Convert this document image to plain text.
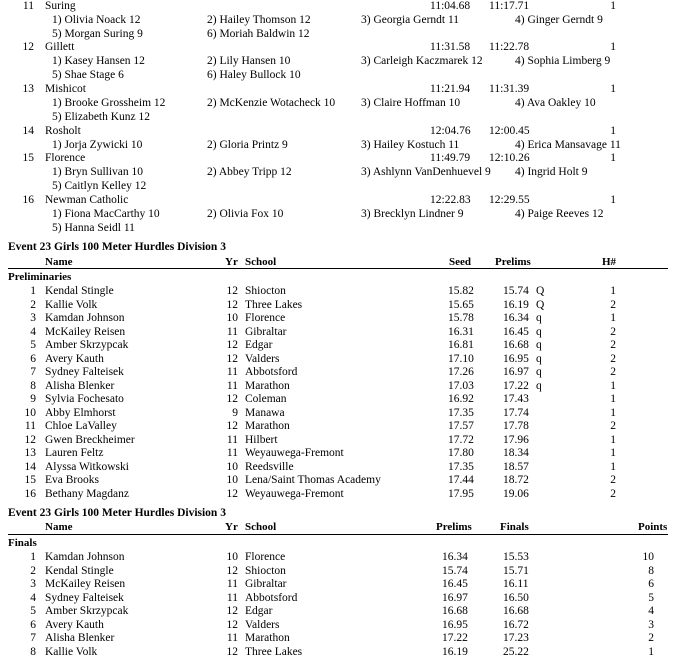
11 Suring	11:04.68 11:17.71	1
1) Olivia Noack 12	2) Hailey Thomson 12	3) Georgia Gerndt 11	4) Ginger Gerndt 9
5) Morgan Suring 9	6) Moriah Baldwin 12
12 Gillett	11:31.58 11:22.78	1
1) Kasey Hansen 12	2) Lily Hansen 10	3) Carleigh Kaczmarek 12	4) Sophia Limberg 9
5) Shae Stage 6	6) Haley Bullock 10
13 Mishicot	11:21.94 11:31.39	1
1) Brooke Grossheim 12	2) McKenzie Wotacheck 10 3) Claire Hoffman 10	4) Ava Oakley 10
5) Elizabeth Kunz 12
14 Rosholt	12:04.76 12:00.45	1
1) Jorja Zywicki 10	2) Gloria Printz 9	3) Hailey Kostuch 11	4) Erica Mansavage 11
15 Florence	11:49.79 12:10.26	1
1) Bryn Sullivan 10	2) Abbey Tripp 12	3) Ashlynn VanDenhuevel 9 4) Ingrid Holt 9
5) Caitlyn Kelley 12
16 Newman Catholic	12:22.83 12:29.55	1
1) Fiona MacCarthy 10	2) Olivia Fox 10	3) Brecklyn Lindner 9	4) Paige Reeves 12
5) Hanna Seidl 11
Event 23 Girls 100 Meter Hurdles Division 3
Name	Yr School	Seed Prelims	H#
Preliminaries
1 Kendal Stingle	12 Shiocton	15.82	15.74 Q	1
2 Kallie Volk	12 Three Lakes	15.65	16.19 Q	2
3 Kamdan Johnson	10 Florence	15.78	16.34 q	1
4 McKailey Reisen	11 Gibraltar	16.31	16.45 q	2
5 Amber Skrzypcak	12 Edgar	16.81	16.68 q	2
6 Avery Kauth	12 Valders	17.10	16.95 q	2
7 Sydney Falteisek	11 Abbotsford	17.26	16.97 q	2
8 Alisha Blenker	11 Marathon	17.03	17.22 q	1
9 Sylvia Fochesato	12 Coleman	16.92	17.43	1
10 Abby Elmhorst	9 Manawa	17.35	17.74	1
11 Chloe LaValley	12 Marathon	17.57	17.78	2
12 Gwen Breckheimer	11 Hilbert	17.72	17.96	1
13 Lauren Feltz	11 Weyauwega-Fremont	17.80	18.34	1
14 Alyssa Witkowski	10 Reedsville	17.35	18.57	1
15 Eva Brooks	10 Lena/Saint Thomas Academy	17.44	18.72	2
16 Bethany Magdanz	12 Weyauwega-Fremont	17.95	19.06	2
Event 23 Girls 100 Meter Hurdles Division 3
Name	Yr School	Prelims	Finals	Points
Finals
1 Kamdan Johnson	10 Florence	16.34	15.53	10
2 Kendal Stingle	12 Shiocton	15.74	15.71	8
3 McKailey Reisen	11 Gibraltar	16.45	16.11	6
4 Sydney Falteisek	11 Abbotsford	16.97	16.50	5
5 Amber Skrzypcak	12 Edgar	16.68	16.68	4
6 Avery Kauth	12 Valders	16.95	16.72	3
7 Alisha Blenker	11 Marathon	17.22	17.23	2
8 Kallie Volk	12 Three Lakes	16.19	25.22	1
